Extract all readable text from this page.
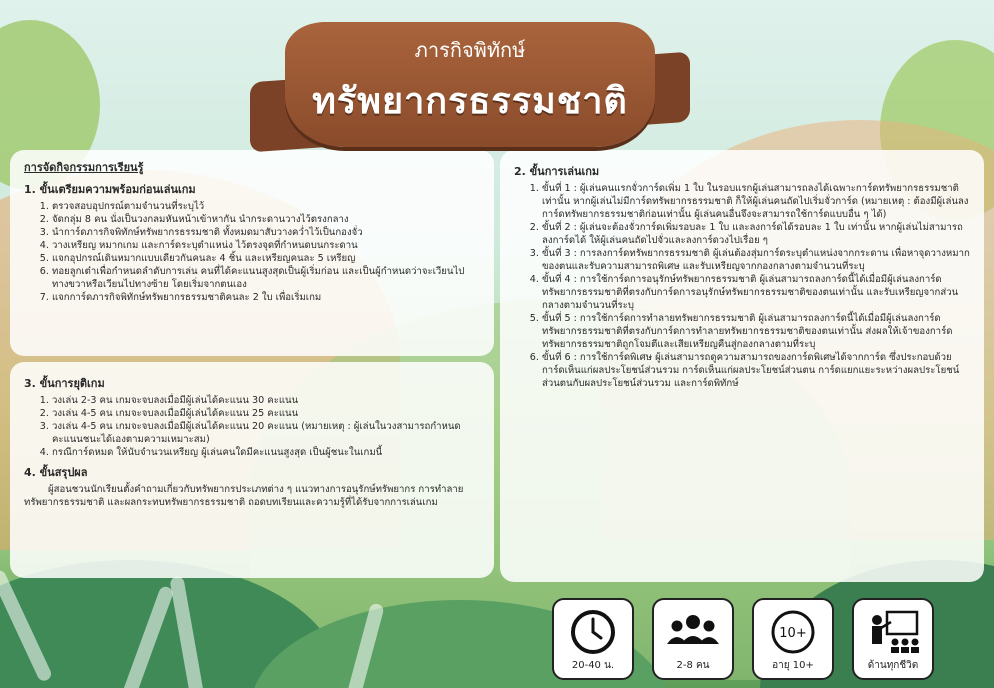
ภารกิจพิทักษ์
ทรัพยากรธรรมชาติ
การจัดกิจกรรมการเรียนรู้
1. ขั้นเตรียมความพร้อมก่อนเล่นเกม
1. ตรวจสอบอุปกรณ์ตามจำนวนที่ระบุไว้
2. จัดกลุ่ม 8 คน นั่งเป็นวงกลมหันหน้าเข้าหากัน นำกระดานวางไว้ตรงกลาง
3. นำการ์ดภารกิจพิทักษ์ทรัพยากรธรรมชาติ ทั้งหมดมาสับวางคว่ำไว้เป็นกองจั่ว
4. วางเหรียญ หมากเกม และการ์ดระบุตำแหน่ง ไว้ตรงจุดที่กำหนดบนกระดาน
5. แจกอุปกรณ์เดินหมากแบบเดียวกันคนละ 4 ชิ้น และเหรียญคนละ 5 เหรียญ
6. ทอยลูกเต๋าเพื่อกำหนดลำดับการเล่น คนที่ได้คะแนนสูงสุดเป็นผู้เริ่มก่อน และเป็นผู้กำหนดว่าจะเวียนไปทางขวาหรือเวียนไปทางซ้าย โดยเริ่มจากตนเอง
7. แจกการ์ดภารกิจพิทักษ์ทรัพยากรธรรมชาติคนละ 2 ใบ เพื่อเริ่มเกม
3. ขั้นการยุติเกม
1. วงเล่น 2-3 คน เกมจะจบลงเมื่อมีผู้เล่นได้คะแนน 30 คะแนน
2. วงเล่น 4-5 คน เกมจะจบลงเมื่อมีผู้เล่นได้คะแนน 25 คะแนน
3. วงเล่น 4-5 คน เกมจะจบลงเมื่อมีผู้เล่นได้คะแนน 20 คะแนน (หมายเหตุ : ผู้เล่นในวงสามารถกำหนดคะแนนชนะได้เองตามความเหมาะสม)
4. กรณีการ์ดหมด ให้นับจำนวนเหรียญ ผู้เล่นคนใดมีคะแนนสูงสุด เป็นผู้ชนะในเกมนี้
4. ขั้นสรุปผล

ผู้สอนชวนนักเรียนตั้งคำถามเกี่ยวกับทรัพยากรประเภทต่าง ๆ แนวทางการอนุรักษ์ทรัพยากร การทำลายทรัพยากรธรรมชาติ และผลกระทบทรัพยากรธรรมชาติ ถอดบทเรียนและความรู้ที่ได้รับจากการเล่นเกม

2. ขั้นการเล่นเกม
1. ขั้นที่ 1 : ผู้เล่นคนแรกจั่วการ์ดเพิ่ม 1 ใบ ในรอบแรกผู้เล่นสามารถลงได้เฉพาะการ์ดทรัพยากรธรรมชาติเท่านั้น หากผู้เล่นไม่มีการ์ดทรัพยากรธรรมชาติ ก็ให้ผู้เล่นคนถัดไปเริ่มจั่วการ์ด (หมายเหตุ : ต้องมีผู้เล่นลงการ์ดทรัพยากรธรรมชาติก่อนเท่านั้น ผู้เล่นคนอื่นจึงจะสามารถใช้การ์ดแบบอื่น ๆ ได้)
2. ขั้นที่ 2 : ผู้เล่นจะต้องจั่วการ์ดเพิ่มรอบละ 1 ใบ และลงการ์ดได้รอบละ 1 ใบ เท่านั้น หากผู้เล่นไม่สามารถลงการ์ดได้ ให้ผู้เล่นคนถัดไปจั่วและลงการ์ดวงไปเรื่อย ๆ
3. ขั้นที่ 3 : การลงการ์ดทรัพยากรธรรมชาติ ผู้เล่นต้องสุ่มการ์ดระบุตำแหน่งจากกระดาน เพื่อหาจุดวางหมากของตนและรับความสามารถพิเศษ และรับเหรียญจากกองกลางตามจำนวนที่ระบุ
4. ขั้นที่ 4 : การใช้การ์ดการอนุรักษ์ทรัพยากรธรรมชาติ ผู้เล่นสามารถลงการ์ดนี้ได้เมื่อมีผู้เล่นลงการ์ดทรัพยากรธรรมชาติที่ตรงกับการ์ดการอนุรักษ์ทรัพยากรธรรมชาติของตนเท่านั้น และรับเหรียญจากส่วนกลางตามจำนวนที่ระบุ
5. ขั้นที่ 5 : การใช้การ์ดการทำลายทรัพยากรธรรมชาติ ผู้เล่นสามารถลงการ์ดนี้ได้เมื่อมีผู้เล่นลงการ์ดทรัพยากรธรรมชาติที่ตรงกับการ์ดการทำลายทรัพยากรธรรมชาติของตนเท่านั้น ส่งผลให้เจ้าของการ์ดทรัพยากรธรรมชาติถูกโจมตีและเสียเหรียญคืนสู่กองกลางตามที่ระบุ
6. ขั้นที่ 6 : การใช้การ์ดพิเศษ ผู้เล่นสามารถดูความสามารถของการ์ดพิเศษได้จากการ์ด ซึ่งประกอบด้วย การ์ดเห็นแก่ผลประโยชน์ส่วนรวม การ์ดเห็นแก่ผลประโยชน์ส่วนตน การ์ดแยกแยะระหว่างผลประโยชน์ส่วนตนกับผลประโยชน์ส่วนรวม และการ์ดพิทักษ์
20-40 น.	2-8 คน
10+
อายุ 10+	ด้านทุกชีวิต
